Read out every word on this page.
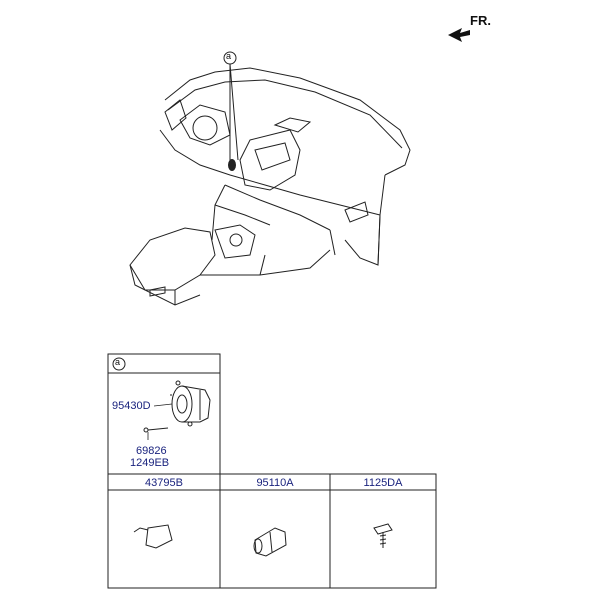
FR.
a
a
95430D
69826
1249EB
43795B	95110A	1125DA
